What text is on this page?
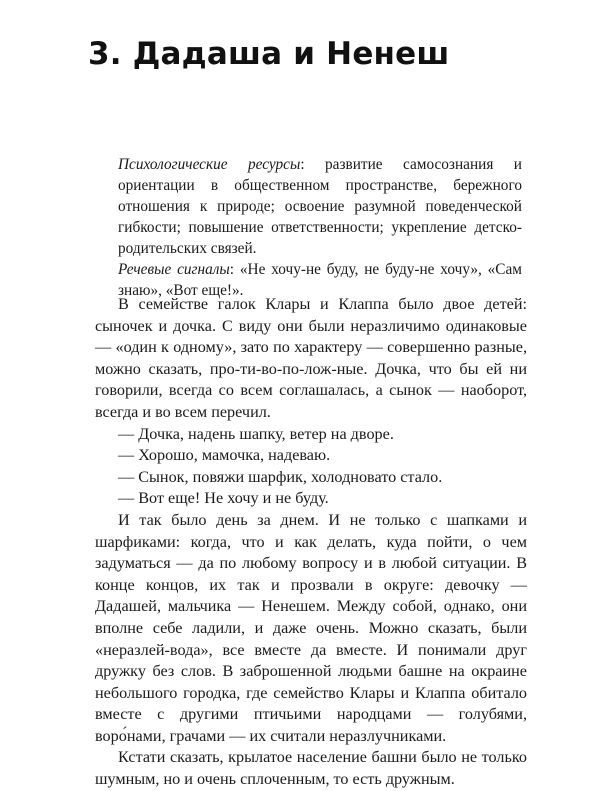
3. Дадаша и Ненеш

Психологические ресурсы: развитие самосознания и ориентации в общественном пространстве, бережного отношения к природе; освоение разумной поведенческой гибкости; повышение ответственности; укрепление детско-родительских связей.

Речевые сигналы: «Не хочу-не буду, не буду-не хочу», «Сам знаю», «Вот еще!».

В семействе галок Клары и Клаппа было двое детей: сыночек и дочка. С виду они были неразличимо одинаковые — «один к одному», зато по характеру — совершенно разные, можно сказать, про-ти-во-по-лож-ные. Дочка, что бы ей ни говорили, всегда со всем соглашалась, а сынок — наоборот, всегда и во всем перечил.

— Дочка, надень шапку, ветер на дворе.

— Хорошо, мамочка, надеваю.

— Сынок, повяжи шарфик, холодновато стало.

— Вот еще! Не хочу и не буду.

И так было день за днем. И не только с шапками и шарфиками: когда, что и как делать, куда пойти, о чем задуматься — да по любому вопросу и в любой ситуации. В конце концов, их так и прозвали в округе: девочку — Дадашей, мальчика — Ненешем. Между собой, однако, они вполне себе ладили, и даже очень. Можно сказать, были «неразлей-вода», все вместе да вместе. И понимали друг дружку без слов. В заброшенной людьми башне на окраине небольшого городка, где семейство Клары и Клаппа обитало вместе с другими птичьими народцами — голубями, воро́нами, грачами — их считали неразлучниками.

Кстати сказать, крылатое население башни было не только шумным, но и очень сплоченным, то есть дружным.
